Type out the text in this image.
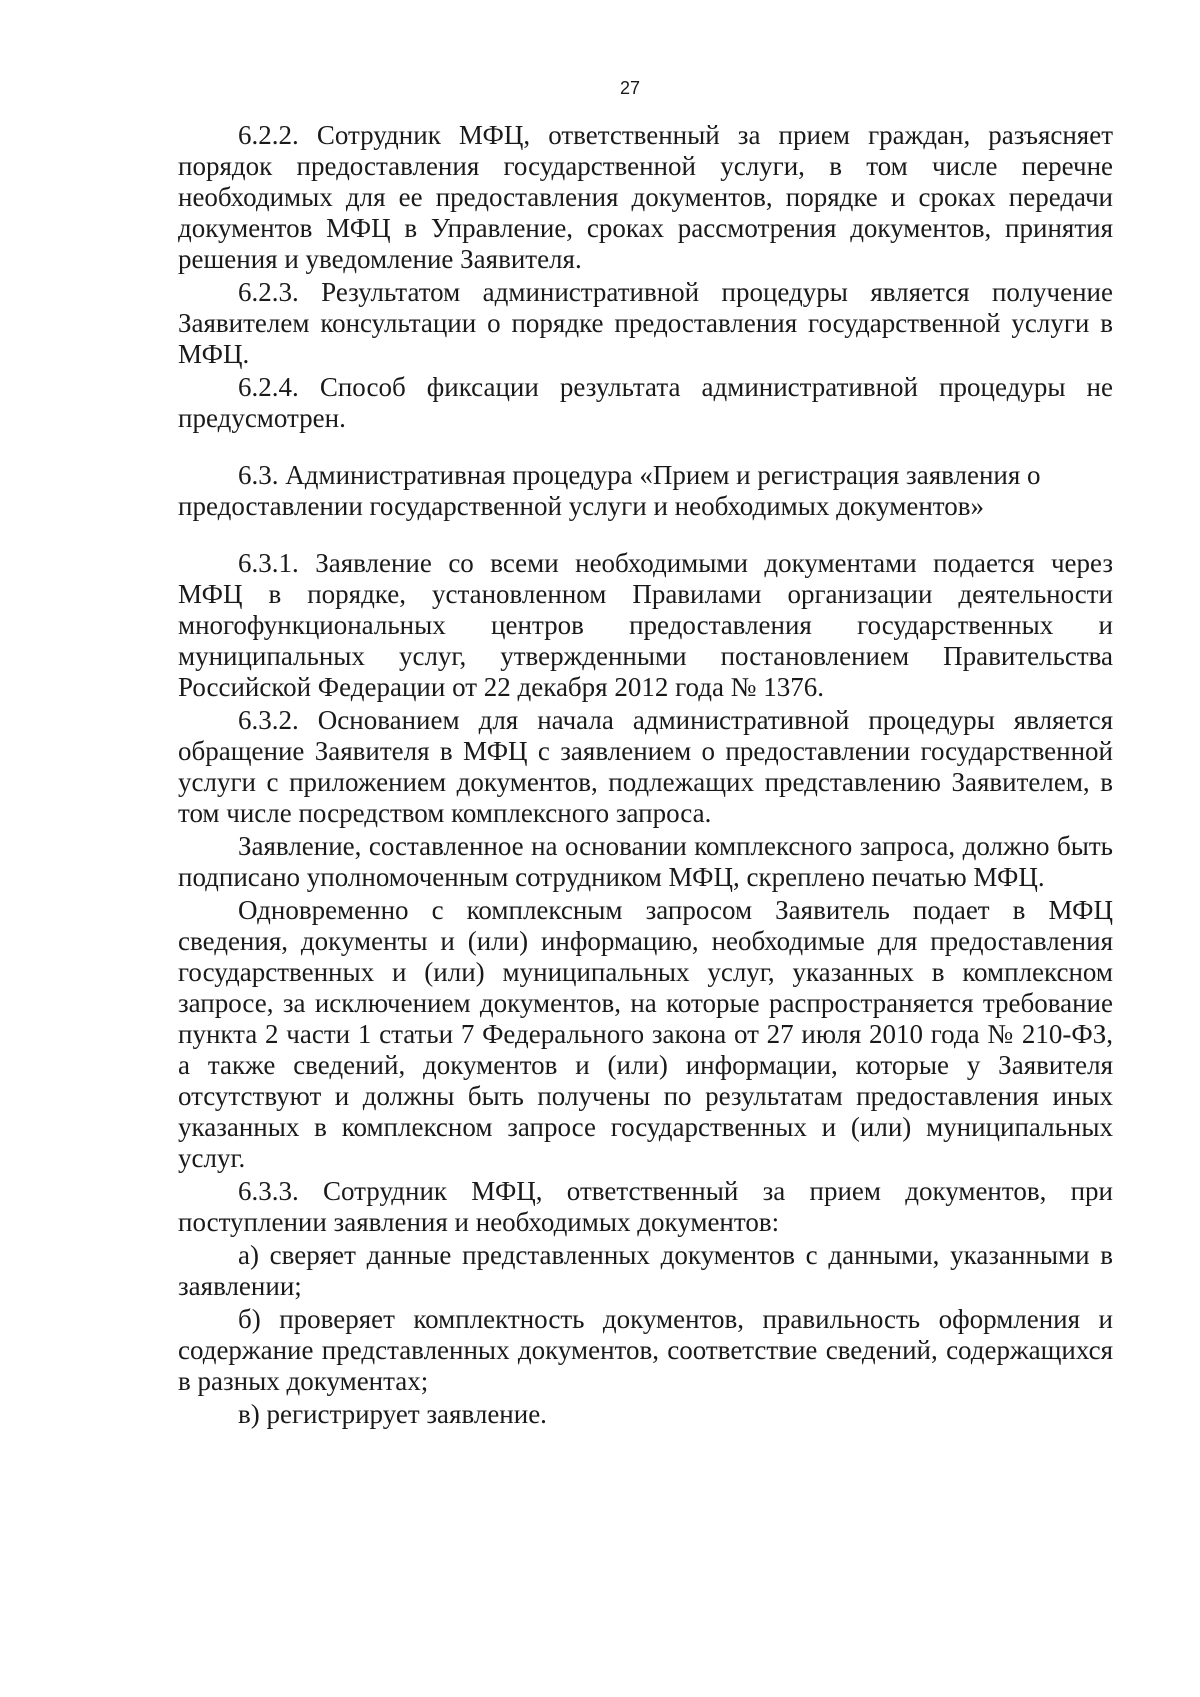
27

6.2.2. Сотрудник МФЦ, ответственный за прием граждан, разъясняет порядок предоставления государственной услуги, в том числе перечне необходимых для ее предоставления документов, порядке и сроках передачи документов МФЦ в Управление, сроках рассмотрения документов, принятия решения и уведомление Заявителя.

6.2.3. Результатом административной процедуры является получение Заявителем консультации о порядке предоставления государственной услуги в МФЦ.

6.2.4. Способ фиксации результата административной процедуры не предусмотрен.

6.3. Административная процедура «Прием и регистрация заявления о предоставлении государственной услуги и необходимых документов»

6.3.1. Заявление со всеми необходимыми документами подается через МФЦ в порядке, установленном Правилами организации деятельности многофункциональных центров предоставления государственных и муниципальных услуг, утвержденными постановлением Правительства Российской Федерации от 22 декабря 2012 года № 1376.

6.3.2. Основанием для начала административной процедуры является обращение Заявителя в МФЦ с заявлением о предоставлении государственной услуги с приложением документов, подлежащих представлению Заявителем, в том числе посредством комплексного запроса.

Заявление, составленное на основании комплексного запроса, должно быть подписано уполномоченным сотрудником МФЦ, скреплено печатью МФЦ.

Одновременно с комплексным запросом Заявитель подает в МФЦ сведения, документы и (или) информацию, необходимые для предоставления государственных и (или) муниципальных услуг, указанных в комплексном запросе, за исключением документов, на которые распространяется требование пункта 2 части 1 статьи 7 Федерального закона от 27 июля 2010 года № 210-ФЗ, а также сведений, документов и (или) информации, которые у Заявителя отсутствуют и должны быть получены по результатам предоставления иных указанных в комплексном запросе государственных и (или) муниципальных услуг.

6.3.3. Сотрудник МФЦ, ответственный за прием документов, при поступлении заявления и необходимых документов:

а) сверяет данные представленных документов с данными, указанными в заявлении;

б) проверяет комплектность документов, правильность оформления и содержание представленных документов, соответствие сведений, содержащихся в разных документах;

в) регистрирует заявление.
